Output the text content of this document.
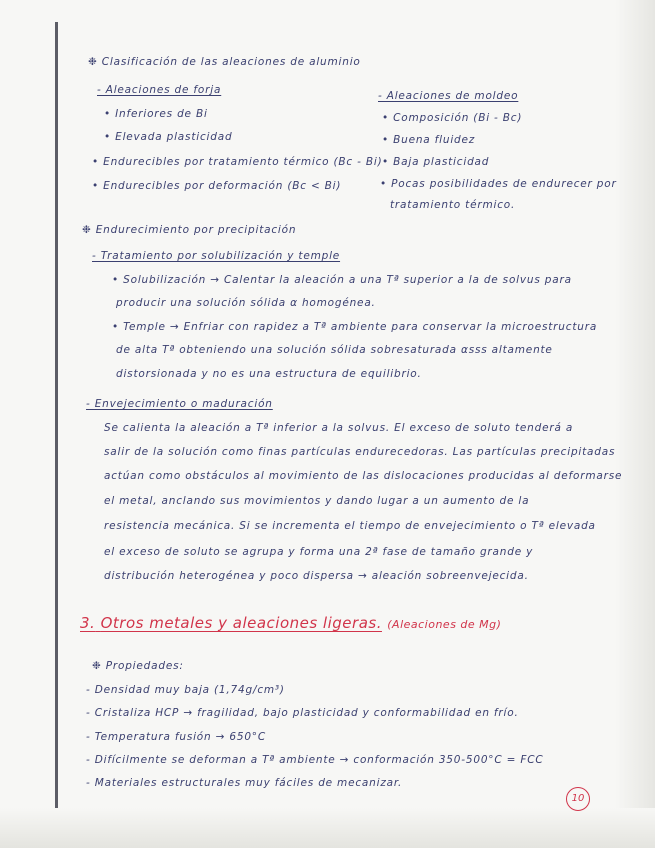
❉ Clasificación de las aleaciones de aluminio
- Aleaciones de forja	- Aleaciones de moldeo
• Inferiores de Bi	• Composición (Bi - Bc)
• Elevada plasticidad	• Buena fluidez
• Endurecibles por tratamiento térmico (Bc - Bi) • Baja plasticidad
• Endurecibles por deformación (Bc < Bi)	• Pocas posibilidades de endurecer por
tratamiento térmico.
❉ Endurecimiento por precipitación
- Tratamiento por solubilización y temple
• Solubilización → Calentar la aleación a una Tª superior a la de solvus para
producir una solución sólida α homogénea.
• Temple → Enfriar con rapidez a Tª ambiente para conservar la microestructura
de alta Tª obteniendo una solución sólida sobresaturada αsss altamente
distorsionada y no es una estructura de equilibrio.
- Envejecimiento o maduración
Se calienta la aleación a Tª inferior a la solvus. El exceso de soluto tenderá a
salir de la solución como finas partículas endurecedoras. Las partículas precipitadas
actúan como obstáculos al movimiento de las dislocaciones producidas al deformarse
el metal, anclando sus movimientos y dando lugar a un aumento de la
resistencia mecánica. Si se incrementa el tiempo de envejecimiento o Tª elevada
el exceso de soluto se agrupa y forma una 2ª fase de tamaño grande y
distribución heterogénea y poco dispersa → aleación sobreenvejecida.
❉ Propiedades:
- Densidad muy baja (1,74g/cm³)
- Cristaliza HCP → fragilidad, bajo plasticidad y conformabilidad en frío.
- Temperatura fusión → 650°C
- Difícilmente se deforman a Tª ambiente → conformación 350-500°C = FCC
- Materiales estructurales muy fáciles de mecanizar.
3. Otros metales y aleaciones ligeras. (Aleaciones de Mg)
10
